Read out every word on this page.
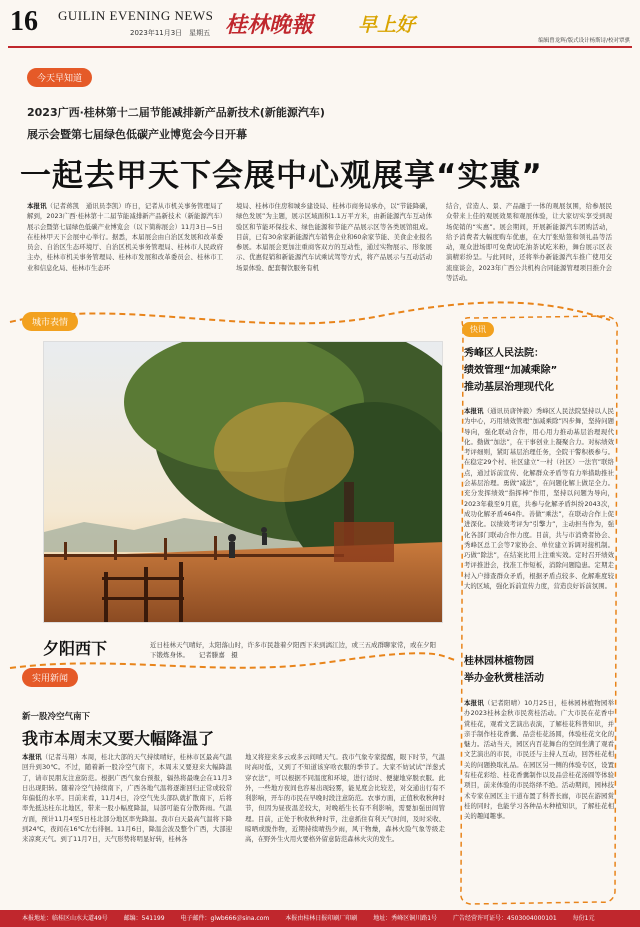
16 GUILIN EVENING NEWS
2023年11月3日　星期五 桂林晚報 早上好
编辑曾龙辉/版式设计杨斯诗/校对覃骐
今天早知道
2023广西·桂林第十二届节能减排新产品新技术(新能源汽车)
展示会暨第七届绿色低碳产业博览会今日开幕
一起去甲天下会展中心观展享“实惠”
本报讯（记者蒋凯　通讯员李凯）昨日，记者从市机关事务管理局了解到，2023广西·桂林第十二届节能减排新产品新技术（新能源汽车）展示会暨第七届绿色低碳产业博览会（以下简称展会）11月3日—5日在桂林甲天下会展中心举行。据悉，本届展会由自治区发展和改革委员会、自治区生态环境厅、自治区机关事务管理局、桂林市人民政府主办，桂林市机关事务管理局、桂林市发展和改革委员会、桂林市工业和信息化局、桂林市生态环
境局、桂林市住房和城乡建设局、桂林市商务局承办，以“节能降碳，绿色发展”为主题，展示区域面积1.1万平方米，由新能源汽车互动体验区和节能环保技术、绿色能源和节能产品展示区等各类展馆组成。目前，已有30余家新能源汽车销售企业和60余家节能、美食企业报名参展。本届展会更加注重商客双方的互动性，通过实物展示、形象展示、优惠促销和新能源汽车试乘试驾等方式，将产品展示与互动活动场景体验、配套餐饮服务有机
结合，营造人、景、产品融于一体的观展氛围，给参展民众带来上佳的观展效果和观展体验，让大家切实享受到现场促销的“实惠”。展会期间，开展新能源汽车团购活动，给予消费者大幅度购车优惠，在大厅张贴签和领礼品等活动，观众进场即可免费试吃油茶试吃米粉，舞台展示区表演精彩纷呈。与此同时，还将举办新能源汽车推广使用交流座谈会，2023年广西公共机构合同能源管理项目推介会等活动。
城市表情
夕阳西下	近日桂林天气晴好，太阳落山时，许多市民趁着夕阳西下来到漓江边，或三五成群聊家常，或在夕阳下锻炼身体。　　记者滕嘉　摄
实用新闻
新一股冷空气南下
我市本周末又要大幅降温了
本报讯（记者马翔）本周，桂北大部的天气持续晴好，桂林市区最高气温回升到30℃。不过，随着新一股冷空气南下，本周末又要迎来大幅降温了，请市民朋友注意防范。根据广西气象台预报，辐热将最晚会在11月3日出现阳转。随着冷空气持续南下，广西各地气温将逐渐回归正常或较常年偏低的水平。目前来看，11月4日，冷空气先头部队就扩散南下，后将率先抵达桂东北地区，带来一股小幅度降温，局部可能有分散阵雨。气温方面，预计11月4至5日桂北部分地区率先降温。我市白天最高气温将下降到24℃，夜间在16℃左右徘徊。11月6日，降温会波及整个广西，大部迎来凉爽天气。到了11月7日，天气形势将明显好转，桂林各
地又将迎来多云或多云间晴天气。我市气象专家提醒，眼下时节，气温时高时低，又到了不知道该穿啥衣服的季节了。大家不妨试试“洋葱式穿衣法”，可以根据不同温度和环境，进行适时、便捷地穿脱衣服。此外，一些地方夜间也容易出现轻雾，能见度会比较差，对交通出行有不利影响，开车的市民在早晚时段注意防范。农事方面，正值秋收秋种时节，但因为昼夜温差较大，对晚稻生长有不利影响，需要加强田间管理。目前，正处于秋收秋种时节，注意抓住有利天气时间，及时采收、晾晒或脱作物，近期持续晴热少雨，风干物燥，森林火险气象等级走高，在野外生火用火要格外留意防范森林火灾的发生。
快讯
秀峰区人民法院：
绩效管理“加减乘除”
推动基层治理现代化
本报讯（通讯员唐钟毅）秀峰区人民法院坚持以人民为中心，巧用绩效管理“加减乘除”四步舞，坚持问题导向，强化联动合作，用心用力推动基层治理现代化。勤做“加法”，在干事创业上凝聚合力。对标绩效考评细则，紧盯基层治理任务，全院干警积极参与。在稳定29个村、社区建立“一村（社区）一法官”联络点，通过诉前宣传、化解群众矛盾等有力举措助推社会基层治理。勇做“减法”，在问题化解上做足全力。充分发挥绩效“指挥棒”作用，坚持以问题为导向，2023年截至9月底，共参与化解矛盾纠纷2043次，成功化解矛盾464件。善做“乘法”，在联动合作上促进深化。以绩效考评为“引擎力”，主动担当作为，强化各部门联动合作力度。目前，共与市消费者协会、秀峰区总工会等7家协会、单位建立诉调对接机制。巧做“除法”，在结案比用上注重实效。定时召开绩效考评推进会，找准工作短板，消除问题隐患。定期走村入户排查群众矛盾，根据矛盾点较多、化解难度较大的区域，强化诉前宣传力度，营造良好诉前氛围。
桂林园林植物园
举办金秋赏桂活动
本报讯（记者阳晴）10月25日，桂林园林植物园举办2023桂林金秋市民赏桂活动。广大市民在花香中赏桂花，观看文艺演出表演，了解桂花科普知识，并亲手制作桂花香囊、品尝桂花汤圆，体验桂花文化的魅力。活动当天，园区内百花舞台的空间坐满了观看文艺演出的市民，市民还与主持人互动，回答桂花相关的问题换取礼品。在园区另一侧的体验专区，设置有桂花彩绘、桂花香囊制作以及品尝桂花汤圆等体验项目，前来体验的市民络绎不绝。活动期间，园林技术专家在园区主干道布置了科普长廊，市民在游园赏桂的同时，也能学习各种品木种植知识，了解桂花相关的趣闻趣事。
本报地址：临桂区山水大道49号	邮编：541199	电子邮件：glwb666＠sina.com	本报由桂林日报印刷厂印刷	地址：秀峰区铜川路1号	广告经营许可证号：4503004000101	每份1元
